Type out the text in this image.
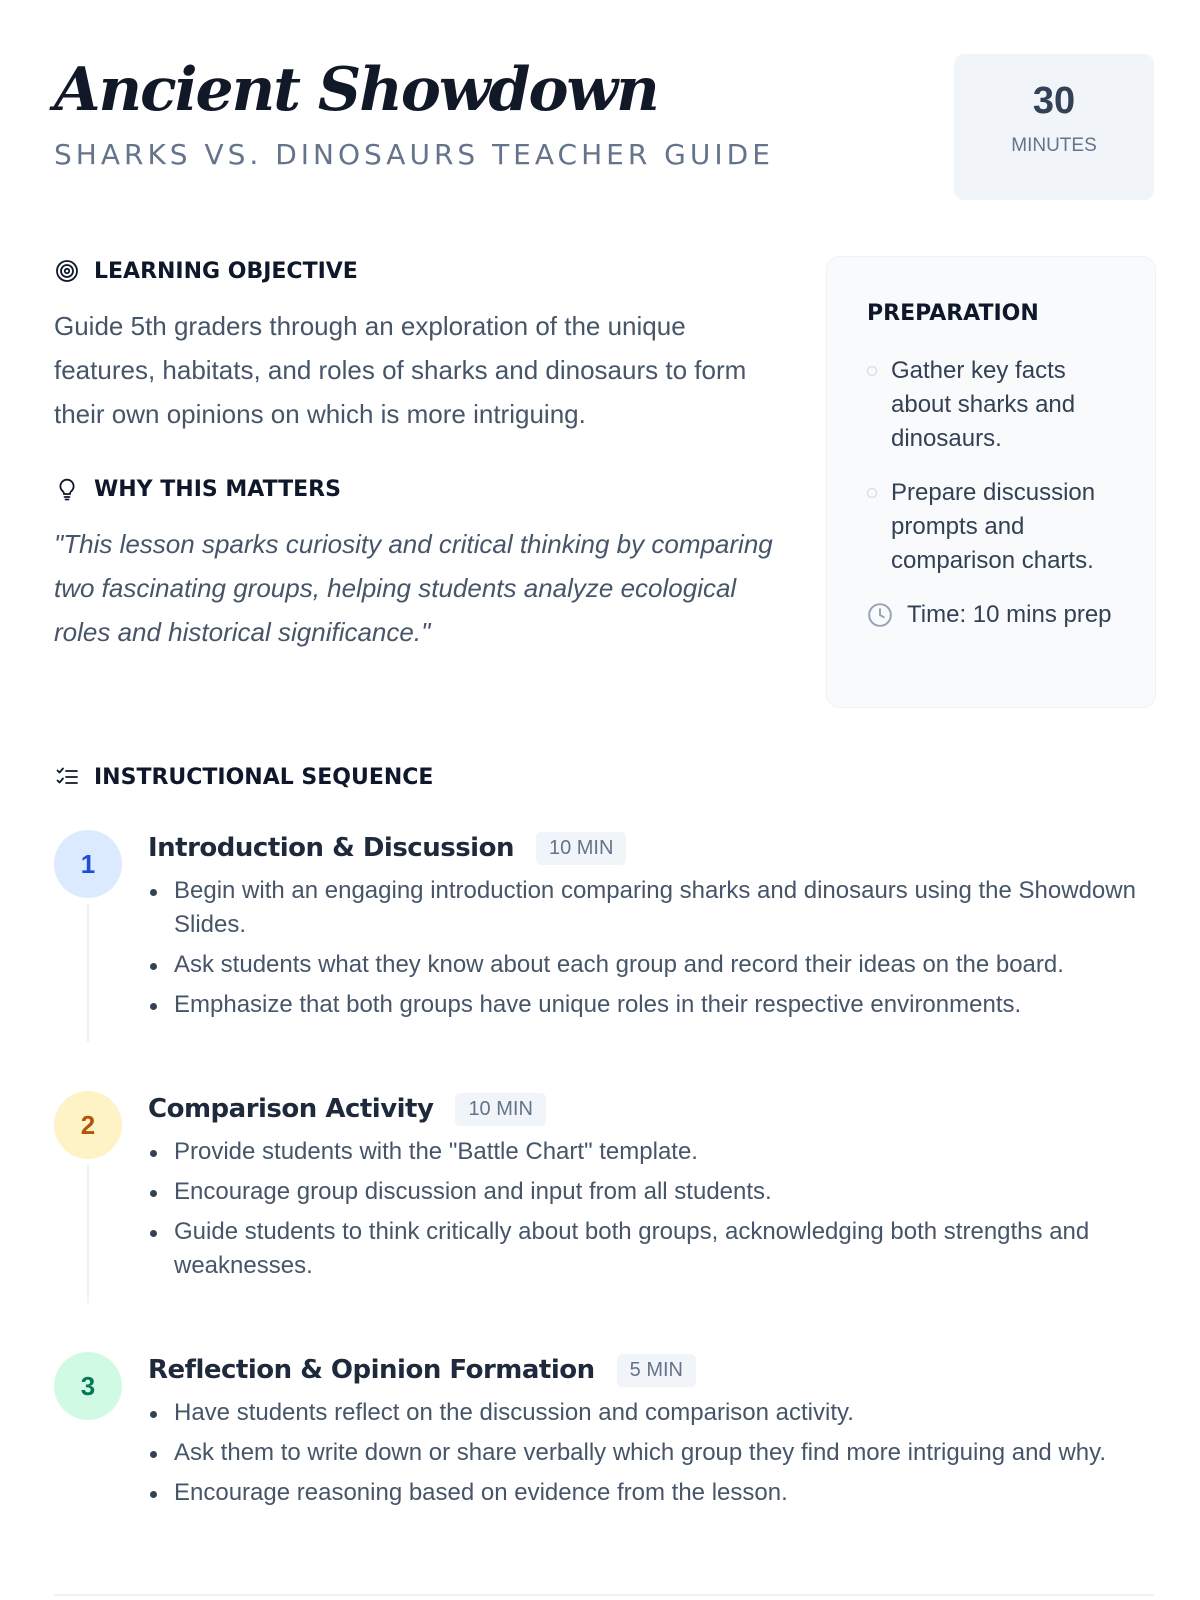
Ancient Showdown
SHARKS VS. DINOSAURS TEACHER GUIDE
30
MINUTES
LEARNING OBJECTIVE

Guide 5th graders through an exploration of the unique features, habitats, and roles of sharks and dinosaurs to form their own opinions on which is more intriguing.

WHY THIS MATTERS

"This lesson sparks curiosity and critical thinking by comparing two fascinating groups, helping students analyze ecological roles and historical significance."

PREPARATION
Gather key facts about sharks and dinosaurs.
Prepare discussion prompts and comparison charts.
Time: 10 mins prep
INSTRUCTIONAL SEQUENCE
1
Introduction & Discussion	10 MIN
Begin with an engaging introduction comparing sharks and dinosaurs using the Showdown Slides.
Ask students what they know about each group and record their ideas on the board.
Emphasize that both groups have unique roles in their respective environments.
2
Comparison Activity	10 MIN
Provide students with the "Battle Chart" template.
Encourage group discussion and input from all students.
Guide students to think critically about both groups, acknowledging both strengths and weaknesses.
3
Reflection & Opinion Formation	5 MIN
Have students reflect on the discussion and comparison activity.
Ask them to write down or share verbally which group they find more intriguing and why.
Encourage reasoning based on evidence from the lesson.
